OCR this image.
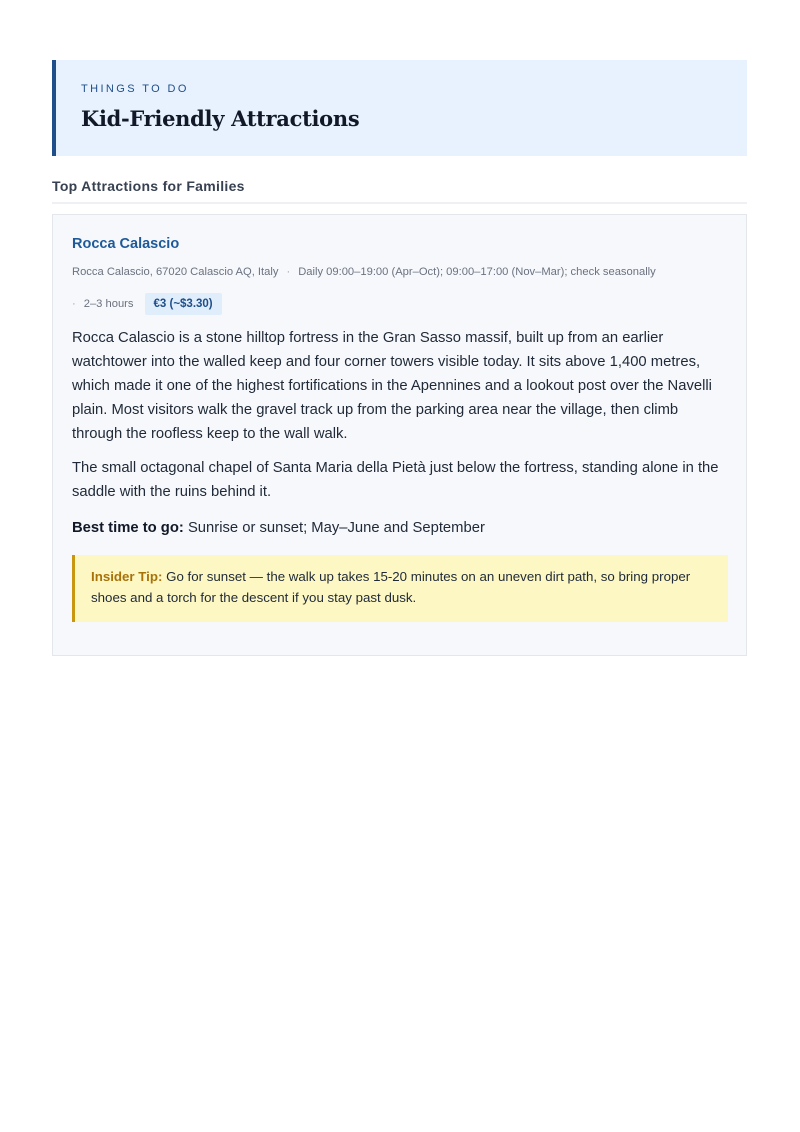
THINGS TO DO
Kid-Friendly Attractions
Top Attractions for Families
Rocca Calascio
Rocca Calascio, 67020 Calascio AQ, Italy · Daily 09:00–19:00 (Apr–Oct); 09:00–17:00 (Nov–Mar); check seasonally
· 2–3 hours	€3 (~$3.30)

Rocca Calascio is a stone hilltop fortress in the Gran Sasso massif, built up from an earlier watchtower into the walled keep and four corner towers visible today. It sits above 1,400 metres, which made it one of the highest fortifications in the Apennines and a lookout post over the Navelli plain. Most visitors walk the gravel track up from the parking area near the village, then climb through the roofless keep to the wall walk.

The small octagonal chapel of Santa Maria della Pietà just below the fortress, standing alone in the saddle with the ruins behind it.

Best time to go: Sunrise or sunset; May–June and September

Insider Tip: Go for sunset — the walk up takes 15-20 minutes on an uneven dirt path, so bring proper shoes and a torch for the descent if you stay past dusk.
